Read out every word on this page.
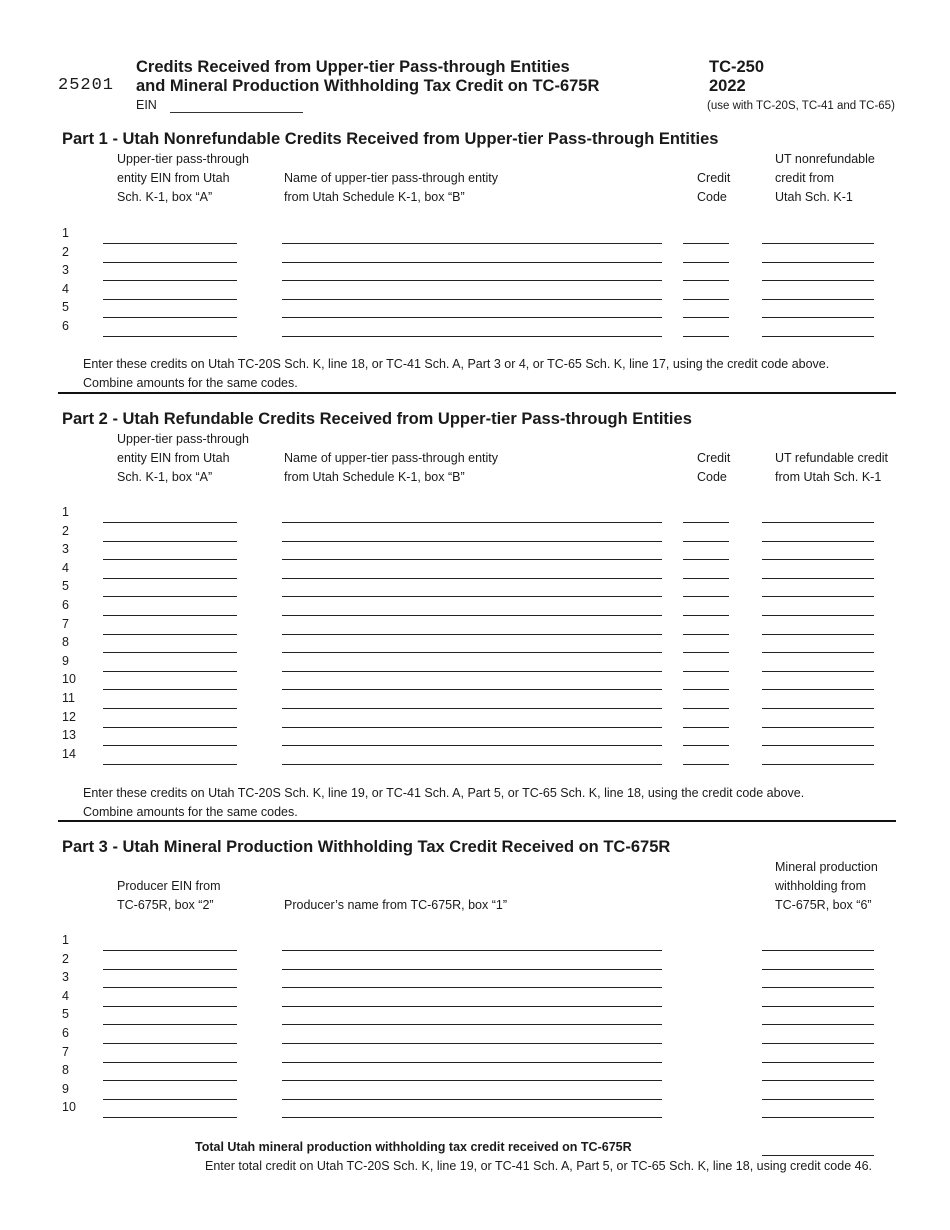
25201
Credits Received from Upper-tier Pass-through Entities
and Mineral Production Withholding Tax Credit on TC-675R
EIN
TC-250
2022
(use with TC-20S, TC-41 and TC-65)
Part 1 - Utah Nonrefundable Credits Received from Upper-tier Pass-through Entities
Upper-tier pass-through
entity EIN from Utah
Sch. K-1, box “A”
Name of upper-tier pass-through entity
from Utah Schedule K-1, box “B”
Credit
Code
UT nonrefundable
credit from
Utah Sch. K-1
1
2
3
4
5
6
Enter these credits on Utah TC-20S Sch. K, line 18, or TC-41 Sch. A, Part 3 or 4, or TC-65 Sch. K, line 17, using the credit code above.
Combine amounts for the same codes.
Part 2 - Utah Refundable Credits Received from Upper-tier Pass-through Entities
Upper-tier pass-through
entity EIN from Utah
Sch. K-1, box “A”
Name of upper-tier pass-through entity
from Utah Schedule K-1, box “B”
Credit
Code
UT refundable credit
from Utah Sch. K-1
1
2
3
4
5
6
7
8
9
10
11
12
13
14
Enter these credits on Utah TC-20S Sch. K, line 19, or TC-41 Sch. A, Part 5, or TC-65 Sch. K, line 18, using the credit code above.
Combine amounts for the same codes.
Part 3 - Utah Mineral Production Withholding Tax Credit Received on TC-675R
Producer EIN from
TC-675R, box “2”	Producer’s name from TC-675R, box “1”
Mineral production
withholding from
TC-675R, box “6”
1
2
3
4
5
6
7
8
9
10
Total Utah mineral production withholding tax credit received on TC-675R
Enter total credit on Utah TC-20S Sch. K, line 19, or TC-41 Sch. A, Part 5, or TC-65 Sch. K, line 18, using credit code 46.
